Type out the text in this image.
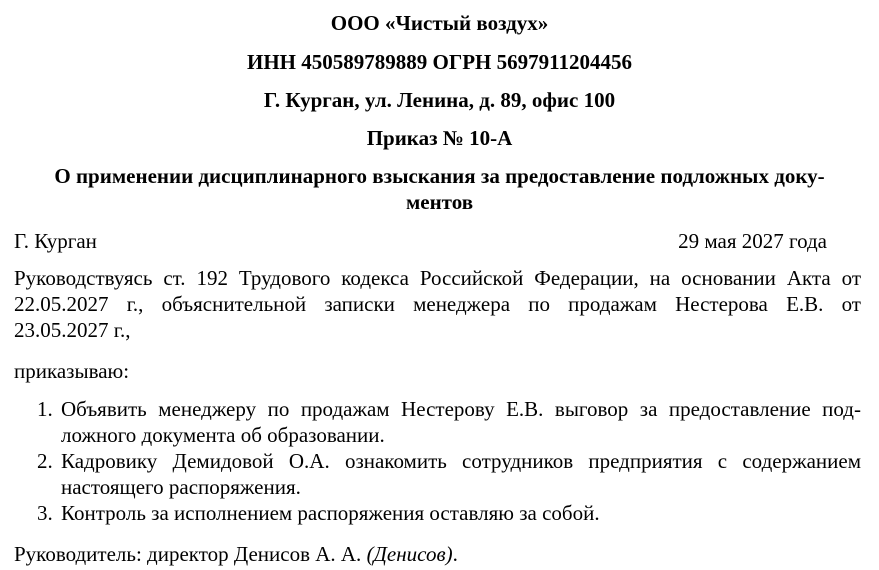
ООО «Чистый воздух»
ИНН 450589789889 ОГРН 5697911204456
Г. Курган, ул. Ленина, д. 89, офис 100
Приказ № 10-А
О применении дисциплинарного взыскания за предоставление подложных доку-
ментов
Г. Курган	29 мая 2027 года
Руководствуясь ст. 192 Трудового кодекса Российской Федерации, на основании Акта от
22.05.2027 г., объяснительной записки менеджера по продажам Нестерова Е.В. от
23.05.2027 г.,
приказываю:
1. Объявить менеджеру по продажам Нестерову Е.В. выговор за предоставление под-
ложного документа об образовании.
2. Кадровику Демидовой О.А. ознакомить сотрудников предприятия с содержанием
настоящего распоряжения.
3. Контроль за исполнением распоряжения оставляю за собой.
Руководитель: директор Денисов А. А. (Денисов).
